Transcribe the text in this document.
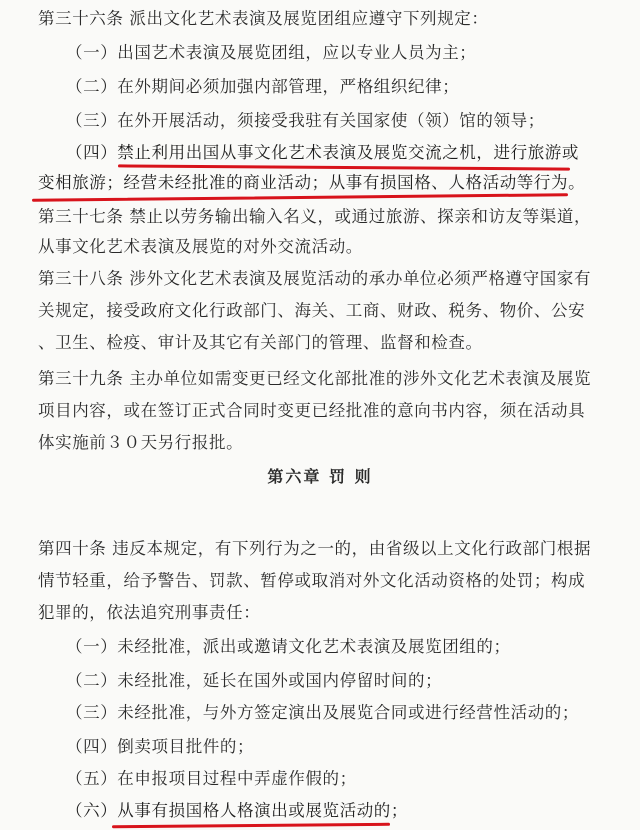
第三十六条 派出文化艺术表演及展览团组应遵守下列规定：
（一）出国艺术表演及展览团组，应以专业人员为主；
（二）在外期间必须加强内部管理，严格组织纪律；
（三）在外开展活动，须接受我驻有关国家使（领）馆的领导；
（四）禁止利用出国从事文化艺术表演及展览交流之机，进行旅游或
变相旅游；经营未经批准的商业活动；从事有损国格、人格活动等行为。
第三十七条 禁止以劳务输出输入名义，或通过旅游、探亲和访友等渠道，
从事文化艺术表演及展览的对外交流活动。
第三十八条 涉外文化艺术表演及展览活动的承办单位必须严格遵守国家有
关规定，接受政府文化行政部门、海关、工商、财政、税务、物价、公安
、卫生、检疫、审计及其它有关部门的管理、监督和检查。
第三十九条 主办单位如需变更已经文化部批准的涉外文化艺术表演及展览
项目内容，或在签订正式合同时变更已经批准的意向书内容，须在活动具
体实施前３０天另行报批。
第六章 罚 则
第四十条 违反本规定，有下列行为之一的，由省级以上文化行政部门根据
情节轻重，给予警告、罚款、暂停或取消对外文化活动资格的处罚；构成
犯罪的，依法追究刑事责任：
（一）未经批准，派出或邀请文化艺术表演及展览团组的；
（二）未经批准，延长在国外或国内停留时间的；
（三）未经批准，与外方签定演出及展览合同或进行经营性活动的；
（四）倒卖项目批件的；
（五）在申报项目过程中弄虚作假的；
（六）从事有损国格人格演出或展览活动的；
